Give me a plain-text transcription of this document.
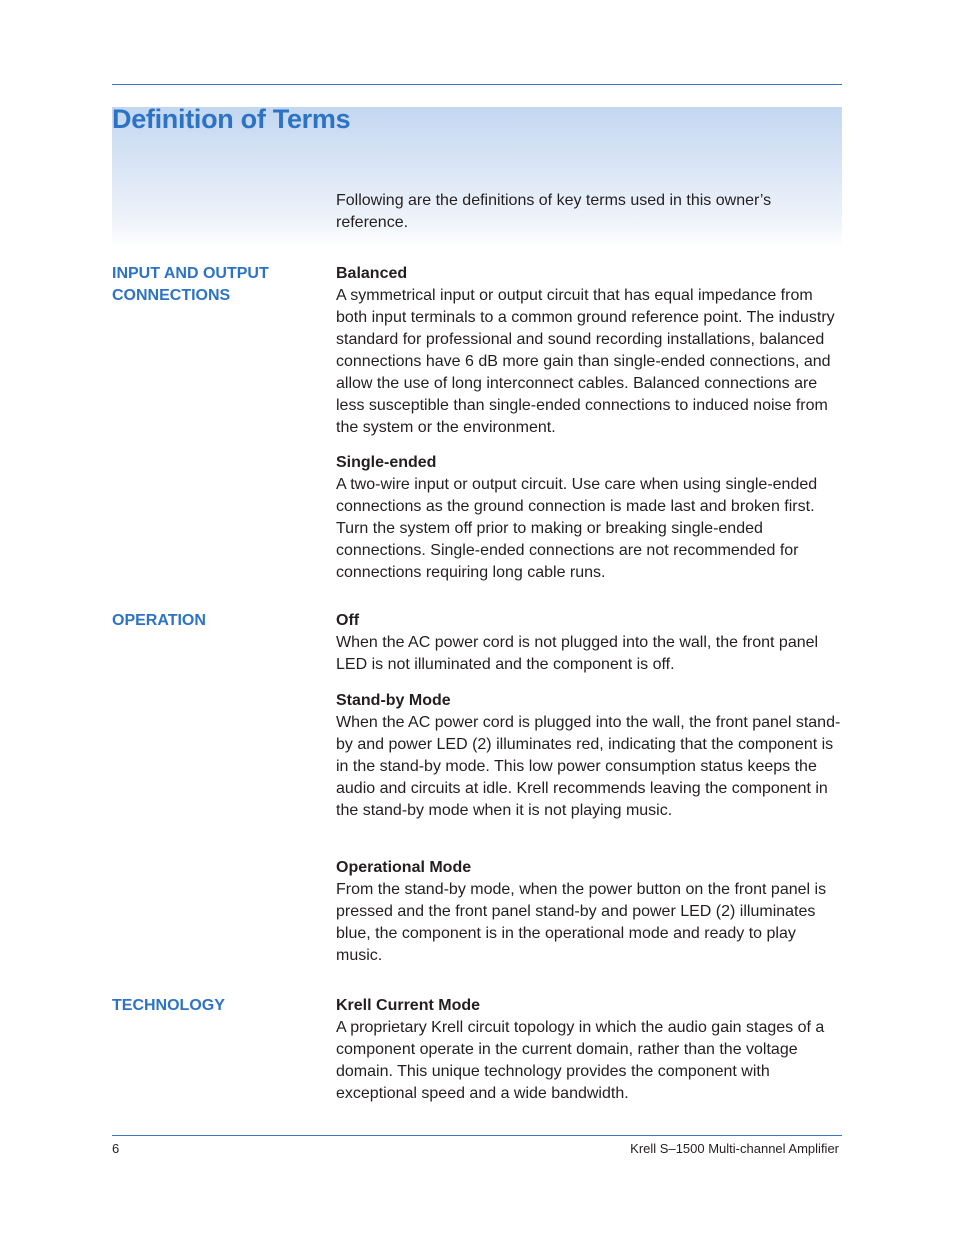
Definition of Terms

Following are the definitions of key terms used in this owner’s reference.

INPUT AND OUTPUT CONNECTIONS
Balanced

A symmetrical input or output circuit that has equal impedance from both input terminals to a common ground reference point. The industry standard for professional and sound recording installations, balanced connections have 6 dB more gain than single-ended connections, and allow the use of long interconnect cables. Balanced connections are less susceptible than single-ended connections to induced noise from the system or the environment.

Single-ended

A two-wire input or output circuit. Use care when using single-ended connections as the ground connection is made last and broken first. Turn the system off prior to making or breaking single-ended connections. Single-ended connections are not recommended for connections requiring long cable runs.

OPERATION	Off

When the AC power cord is not plugged into the wall, the front panel LED is not illuminated and the component is off.

Stand-by Mode

When the AC power cord is plugged into the wall, the front panel stand-by and power LED (2) illuminates red, indicating that the component is in the stand-by mode. This low power consumption status keeps the audio and circuits at idle. Krell recommends leaving the component in the stand-by mode when it is not playing music.

Operational Mode

From the stand-by mode, when the power button on the front panel is pressed and the front panel stand-by and power LED (2) illuminates blue, the component is in the operational mode and ready to play music.

TECHNOLOGY	Krell Current Mode

A proprietary Krell circuit topology in which the audio gain stages of a component operate in the current domain, rather than the voltage domain. This unique technology provides the component with exceptional speed and a wide bandwidth.

6	Krell S–1500 Multi-channel Amplifier
